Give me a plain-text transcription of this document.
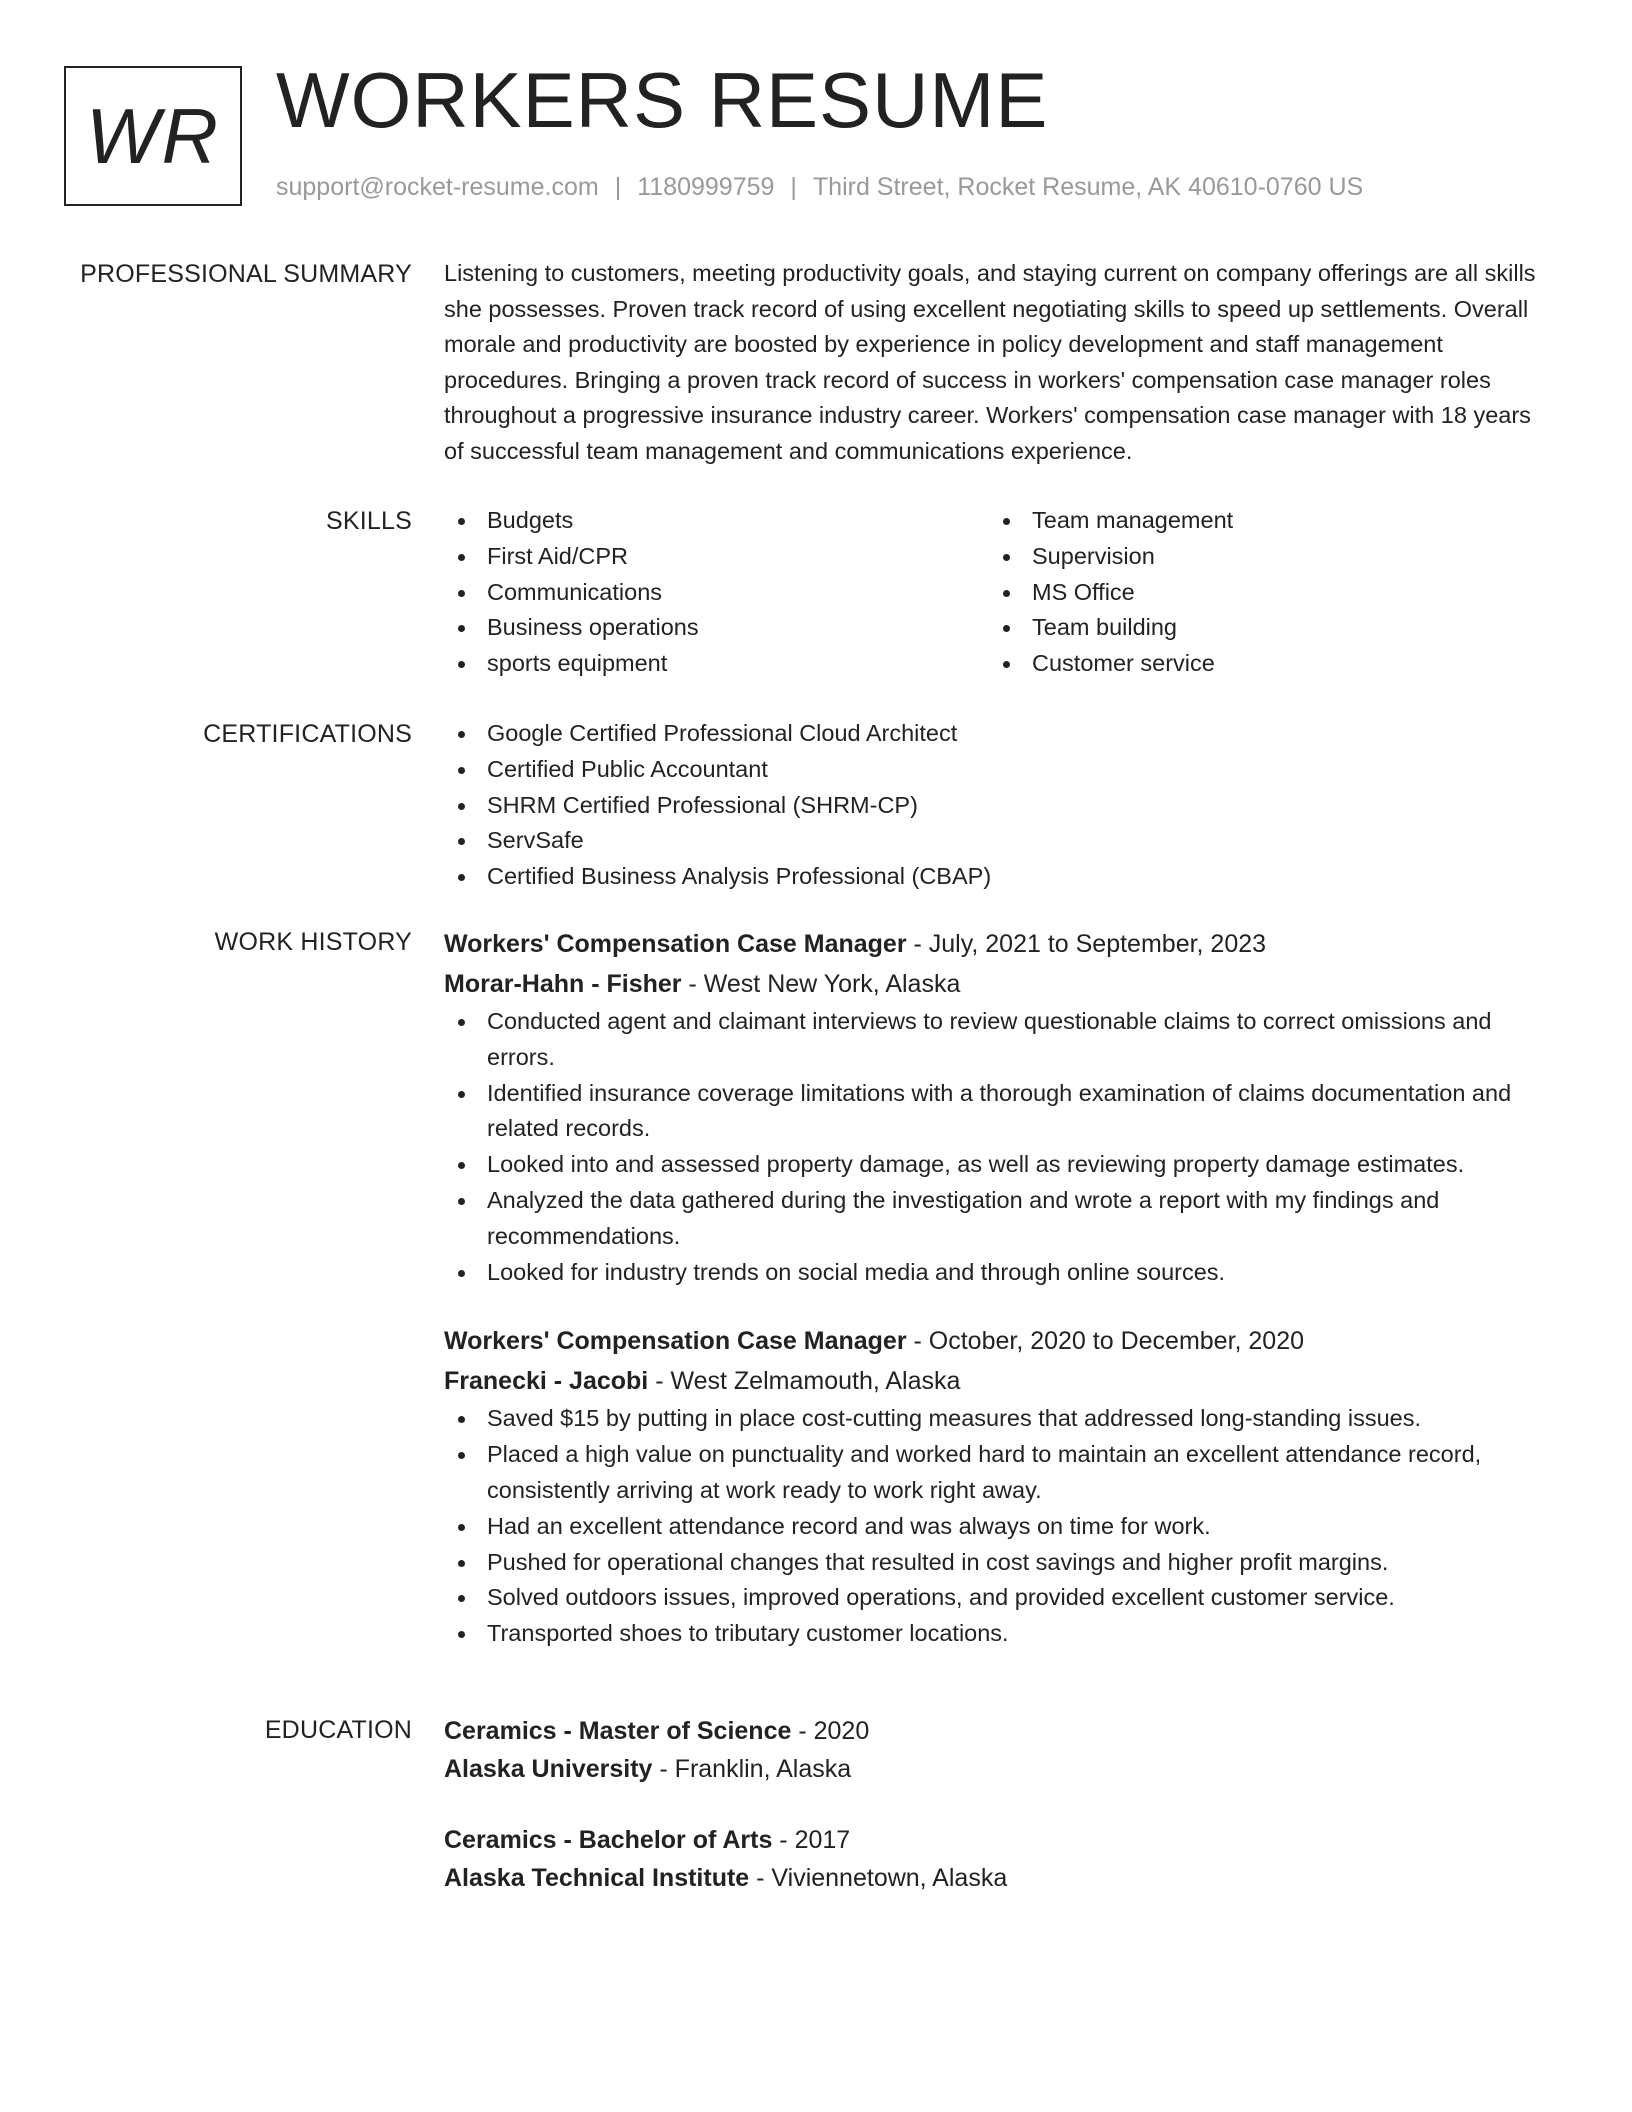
WR WORKERS RESUME
support@rocket-resume.com | 1180999759 | Third Street, Rocket Resume, AK 40610-0760 US
PROFESSIONAL SUMMARY Listening to customers, meeting productivity goals, and staying current on company offerings are all skills she possesses. Proven track record of using excellent negotiating skills to speed up settlements. Overall morale and productivity are boosted by experience in policy development and staff management procedures. Bringing a proven track record of success in workers' compensation case manager roles throughout a progressive insurance industry career. Workers' compensation case manager with 18 years of successful team management and communications experience.

SKILLS	Budgets
First Aid/CPR
Communications
Business operations
sports equipment
Team management
Supervision
MS Office
Team building
Customer service
CERTIFICATIONS	Google Certified Professional Cloud Architect
Certified Public Accountant
SHRM Certified Professional (SHRM-CP)
ServSafe
Certified Business Analysis Professional (CBAP)
WORK HISTORY Workers' Compensation Case Manager - July, 2021 to September, 2023
Morar-Hahn - Fisher - West New York, Alaska
Conducted agent and claimant interviews to review questionable claims to correct omissions and errors.
Identified insurance coverage limitations with a thorough examination of claims documentation and related records.
Looked into and assessed property damage, as well as reviewing property damage estimates.
Analyzed the data gathered during the investigation and wrote a report with my findings and recommendations.
Looked for industry trends on social media and through online sources.
Workers' Compensation Case Manager - October, 2020 to December, 2020
Franecki - Jacobi - West Zelmamouth, Alaska
Saved $15 by putting in place cost-cutting measures that addressed long-standing issues.
Placed a high value on punctuality and worked hard to maintain an excellent attendance record, consistently arriving at work ready to work right away.
Had an excellent attendance record and was always on time for work.
Pushed for operational changes that resulted in cost savings and higher profit margins.
Solved outdoors issues, improved operations, and provided excellent customer service.
Transported shoes to tributary customer locations.
EDUCATION Ceramics - Master of Science - 2020
Alaska University - Franklin, Alaska
Ceramics - Bachelor of Arts - 2017
Alaska Technical Institute - Viviennetown, Alaska
